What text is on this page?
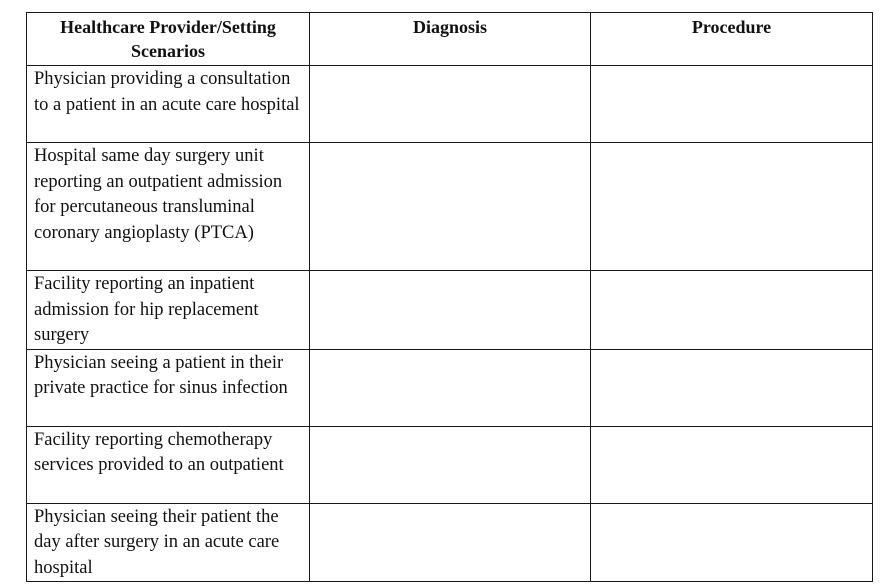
Healthcare Provider/Setting Scenarios	Diagnosis	Procedure
Physician providing a consultation to a patient in an acute care hospital		
Hospital same day surgery unit reporting an outpatient admission for percutaneous transluminal coronary angioplasty (PTCA)		
Facility reporting an inpatient admission for hip replacement surgery		
Physician seeing a patient in their private practice for sinus infection		
Facility reporting chemotherapy services provided to an outpatient		
Physician seeing their patient the day after surgery in an acute care hospital		
